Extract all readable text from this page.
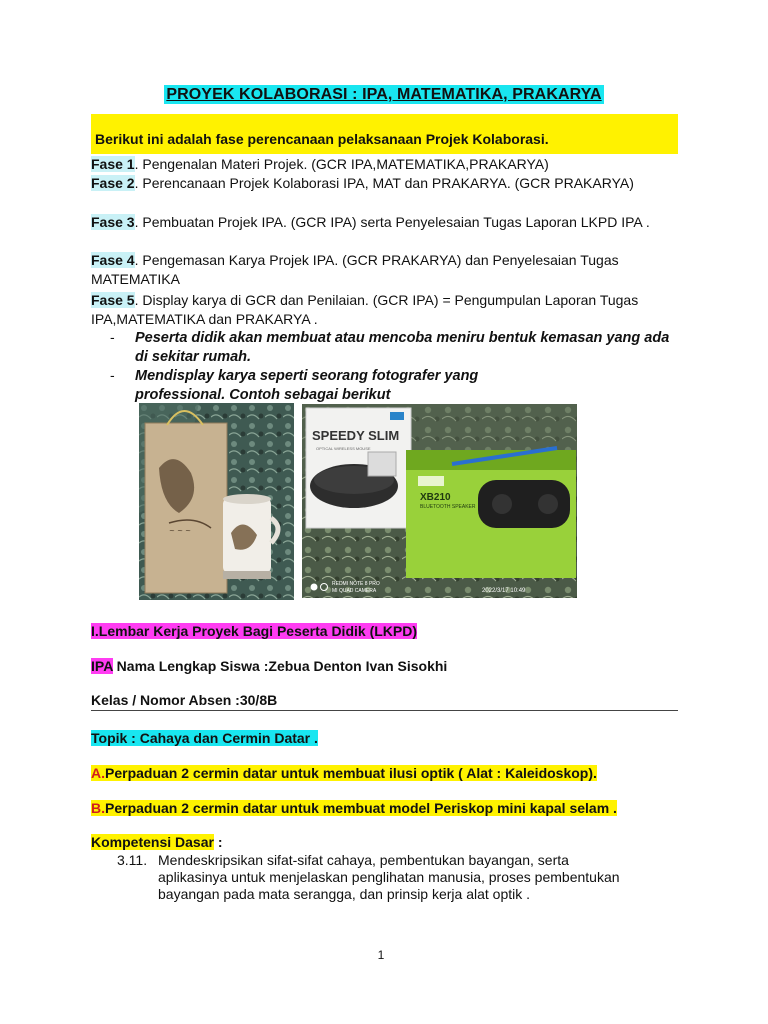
PROYEK KOLABORASI : IPA, MATEMATIKA, PRAKARYA
Berikut ini adalah fase perencanaan pelaksanaan Projek Kolaborasi.
Fase 1. Pengenalan Materi Projek. (GCR IPA,MATEMATIKA,PRAKARYA)
Fase 2. Perencanaan Projek Kolaborasi IPA, MAT dan PRAKARYA. (GCR PRAKARYA)
Fase 3. Pembuatan Projek IPA. (GCR IPA) serta Penyelesaian Tugas Laporan LKPD IPA .
Fase 4. Pengemasan Karya Projek IPA. (GCR PRAKARYA) dan Penyelesaian Tugas MATEMATIKA
Fase 5. Display karya di GCR dan Penilaian. (GCR IPA) = Pengumpulan Laporan Tugas IPA,MATEMATIKA dan PRAKARYA .
- Peserta didik akan membuat atau mencoba meniru bentuk kemasan yang ada di sekitar rumah.
- Mendisplay karya seperti seorang fotografer yang professional. Contoh sebagai berikut
~ ~ ~
SPEEDY SLIM
OPTICAL WIRELESS MOUSE
XB210
BLUETOOTH SPEAKER
REDMI NOTE 8 PRO
MI QUAD CAMERA	2022/3/17 10:49
I.Lembar Kerja Proyek Bagi Peserta Didik (LKPD)
IPA Nama Lengkap Siswa :Zebua Denton Ivan Sisokhi
Kelas / Nomor Absen :30/8B
Topik : Cahaya dan Cermin Datar .
A.Perpaduan 2 cermin datar untuk membuat ilusi optik ( Alat : Kaleidoskop).
B.Perpaduan 2 cermin datar untuk membuat model Periskop mini kapal selam .
Kompetensi Dasar :
3.11. Mendeskripsikan sifat-sifat cahaya, pembentukan bayangan, serta
aplikasinya untuk menjelaskan penglihatan manusia, proses pembentukan
bayangan pada mata serangga, dan prinsip kerja alat optik .
1
